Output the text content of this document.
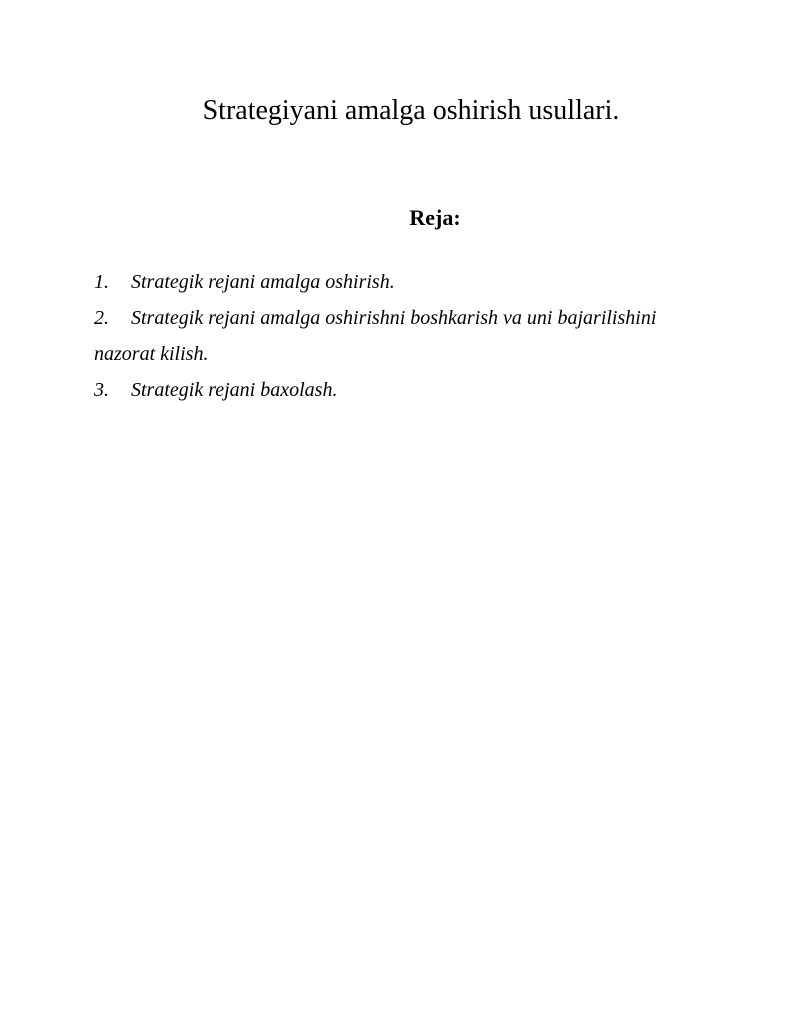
Strategiyani amalga oshirish usullari.
Reja:
1. Strategik rejani amalga oshirish.
2. Strategik rejani amalga oshirishni boshkarish va uni bajarilishini nazorat kilish.
3. Strategik rejani baxolash.
